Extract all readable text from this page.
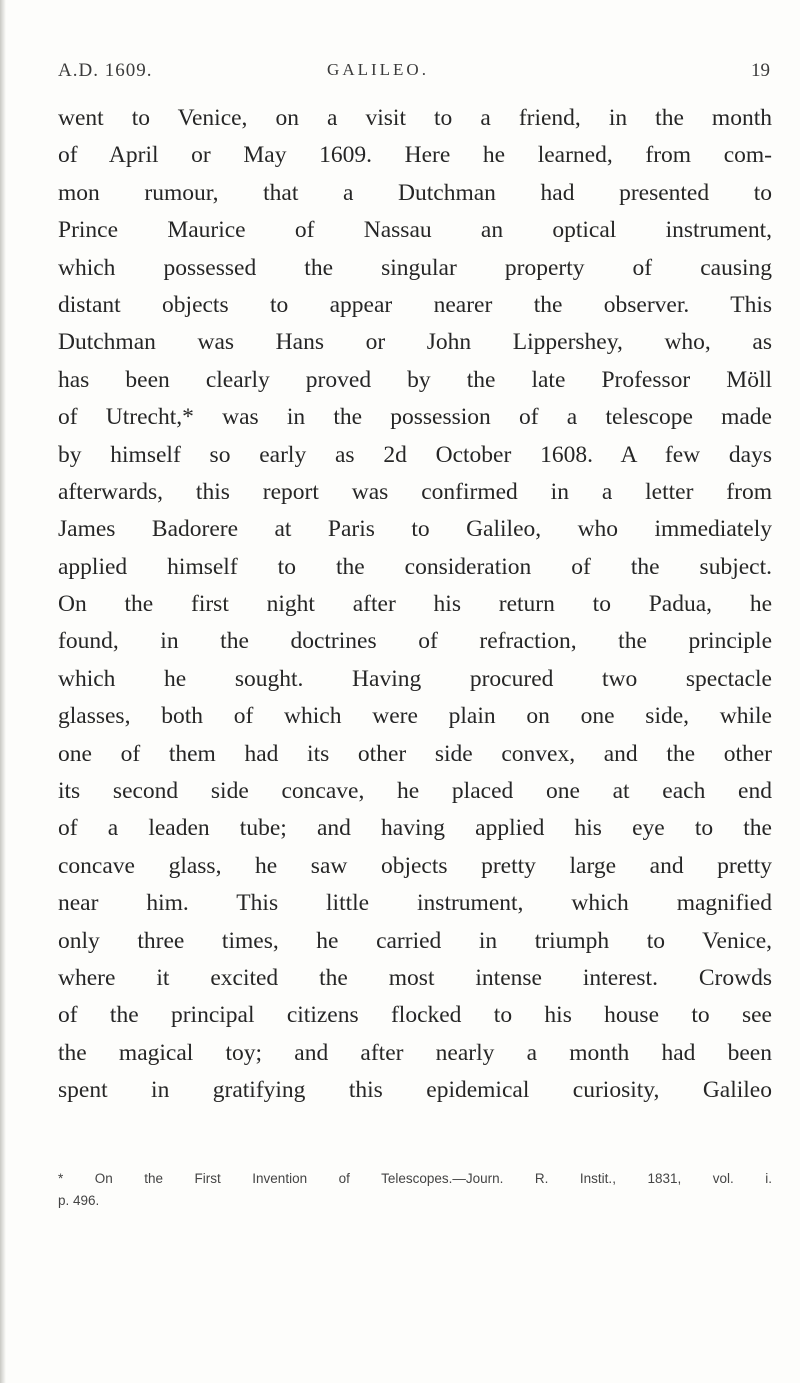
A.D. 1609.	GALILEO.	19
went to Venice, on a visit to a friend, in the month
of April or May 1609. Here he learned, from com-
mon rumour, that a Dutchman had presented to
Prince Maurice of Nassau an optical instrument,
which possessed the singular property of causing
distant objects to appear nearer the observer. This
Dutchman was Hans or John Lippershey, who, as
has been clearly proved by the late Professor Möll
of Utrecht,* was in the possession of a telescope made
by himself so early as 2d October 1608. A few days
afterwards, this report was confirmed in a letter from
James Badorere at Paris to Galileo, who immediately
applied himself to the consideration of the subject.
On the first night after his return to Padua, he
found, in the doctrines of refraction, the principle
which he sought. Having procured two spectacle
glasses, both of which were plain on one side, while
one of them had its other side convex, and the other
its second side concave, he placed one at each end
of a leaden tube; and having applied his eye to the
concave glass, he saw objects pretty large and pretty
near him. This little instrument, which magnified
only three times, he carried in triumph to Venice,
where it excited the most intense interest. Crowds
of the principal citizens flocked to his house to see
the magical toy; and after nearly a month had been
spent in gratifying this epidemical curiosity, Galileo
* On the First Invention of Telescopes.—Journ. R. Instit., 1831, vol. i.
p. 496.
